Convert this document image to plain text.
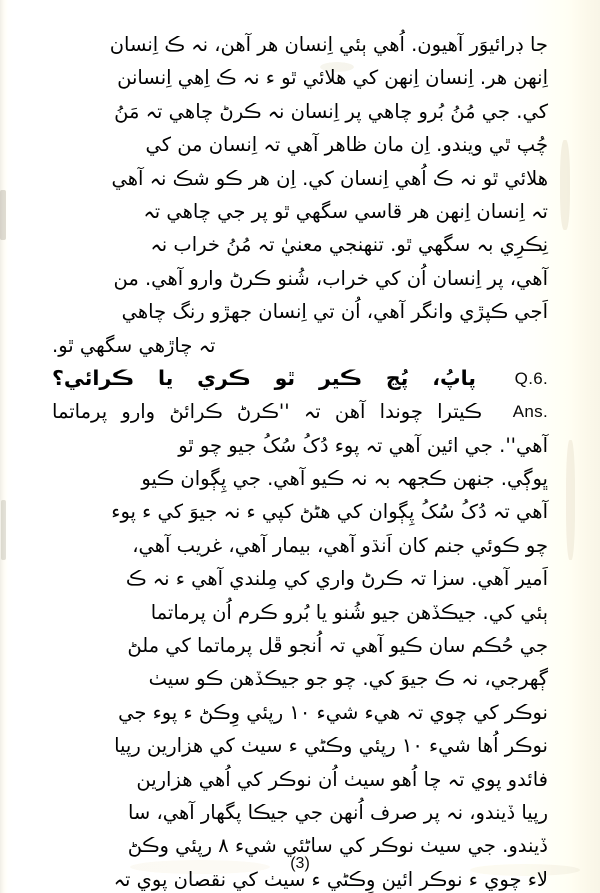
جا ڊرائيوَر آهيون. اُهي ٻئي اِنسان ھر آهن، نہ ڪ اِنسان
اِنهن ھر. اِنسان اِنهن کي هلائي ٿو ء نہ ڪ اِهي اِنسانن
کي. جي مُنُ بُرو چاهي پر اِنسان نہ ڪرڻ چاهي تہ مَنُ
چُپ ٿي ويندو. اِن مان ظاهر آهي تہ اِنسان من کي
هلائي ٿو نہ ڪ اُهي اِنسان کي. اِن ھر ڪو شڪ نہ آهي
تہ اِنسان اِنهن ھر قاسي سگهي ٿو پر جي چاهي تہ
نِڪرِي بہ سگهي ٿو. تنهنجي معنيٰ تہ مُنُ خراب نہ
آهي، پر اِنسان اُن کي خراب، شُنو ڪرڻ وارو آهي. من
اَجي ڪپڙي وانگر آهي، اُن تي اِنسان جهڙو رنگ چاهي
تہ چاڙهي سگهي ٿو.
Q.6.
پاپُ، پُڃ ڪير ٿو ڪري يا ڪرائي؟
Ans.
ڪيترا چوندا آهن تہ ''ڪرڻ ڪرائڻ وارو پرماتما
آهي''. جي ائين آهي تہ پوء دُکُ سُکُ جيو چو ٿو
ڀوڳي. جنهن ڪجهہ بہ نہ ڪيو آهي. جي پِڳوان ڪيو
آهي تہ دُکُ سُکُ پِڳوان کي هڻڻ کپي ء نہ جيوَ کي ء پوء
چو ڪوئي جنم کان اَنڌو آهي، بيمار آهي، غريب آهي،
اَمير آهي. سزا تہ ڪرڻ واري کي مِلندي آهي ء نہ ڪ
ٻئي کي. جيڪڏهن جيو شُنو يا بُرو ڪرم اُن پرماتما
جي حُڪم سان ڪيو آهي تہ اُنجو ڦل پرماتما کي ملڻ
ڳهرجي، نہ ڪ جيوَ کي. چو جو جيڪڏهن ڪو سيٺ
نوڪر کي چوي تہ هيء شيء ١٠ رپئي وِڪڻ ء پوء جي
نوڪر اُها شيء ١٠ رپئي وڪڻي ء سيٺ کي هزارين رپيا
فائدو پوي تہ چا اُهو سيٺ اُن نوڪر کي اُهي هزارين
رپيا ڏيندو، نہ پر صرف اُنهن جي جيڪا پگهار آهي، سا
ڏيندو. جي سيٺ نوڪر کي ساڻئي شيء ٨ رپئي وڪڻ
لاء چوي ء نوڪر ائين وِڪڻي ء سيٺ کي نقصان پوي تہ
(3)
